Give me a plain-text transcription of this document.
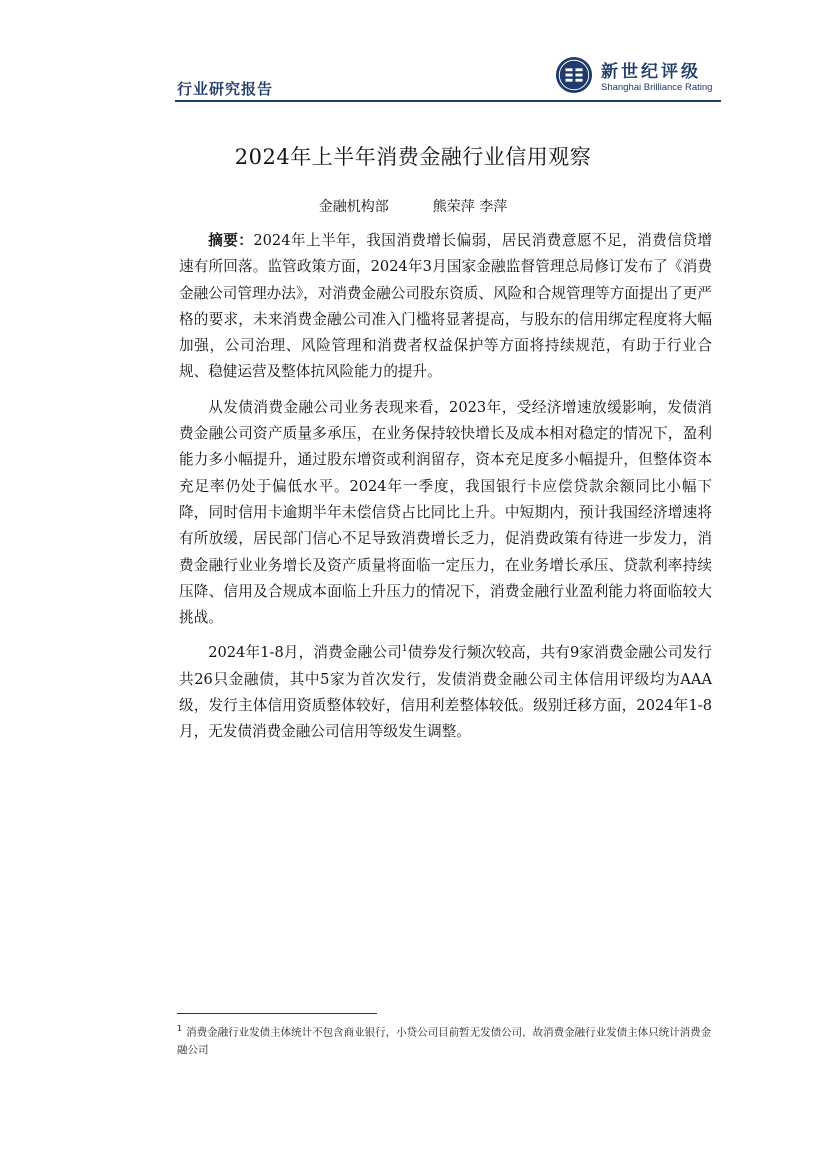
行业研究报告
新世纪评级
Shanghai Brilliance Rating
2024年上半年消费金融行业信用观察
金融机构部	熊荣萍 李萍

摘要：2024年上半年，我国消费增长偏弱，居民消费意愿不足，消费信贷增速有所回落。监管政策方面，2024年3月国家金融监督管理总局修订发布了《消费金融公司管理办法》，对消费金融公司股东资质、风险和合规管理等方面提出了更严格的要求，未来消费金融公司准入门槛将显著提高，与股东的信用绑定程度将大幅加强，公司治理、风险管理和消费者权益保护等方面将持续规范，有助于行业合规、稳健运营及整体抗风险能力的提升。

从发债消费金融公司业务表现来看，2023年，受经济增速放缓影响，发债消费金融公司资产质量多承压，在业务保持较快增长及成本相对稳定的情况下，盈利能力多小幅提升，通过股东增资或利润留存，资本充足度多小幅提升，但整体资本充足率仍处于偏低水平。2024年一季度，我国银行卡应偿贷款余额同比小幅下降，同时信用卡逾期半年未偿信贷占比同比上升。中短期内，预计我国经济增速将有所放缓，居民部门信心不足导致消费增长乏力，促消费政策有待进一步发力，消费金融行业业务增长及资产质量将面临一定压力，在业务增长承压、贷款利率持续压降、信用及合规成本面临上升压力的情况下，消费金融行业盈利能力将面临较大挑战。

2024年1-8月，消费金融公司$^1$债券发行频次较高，共有9家消费金融公司发行共26只金融债，其中5家为首次发行，发债消费金融公司主体信用评级均为AAA级，发行主体信用资质整体较好，信用利差整体较低。级别迁移方面，2024年1-8月，无发债消费金融公司信用等级发生调整。

$^1$ 消费金融行业发债主体统计不包含商业银行，小贷公司目前暂无发债公司，故消费金融行业发债主体只统计消费金融公司
